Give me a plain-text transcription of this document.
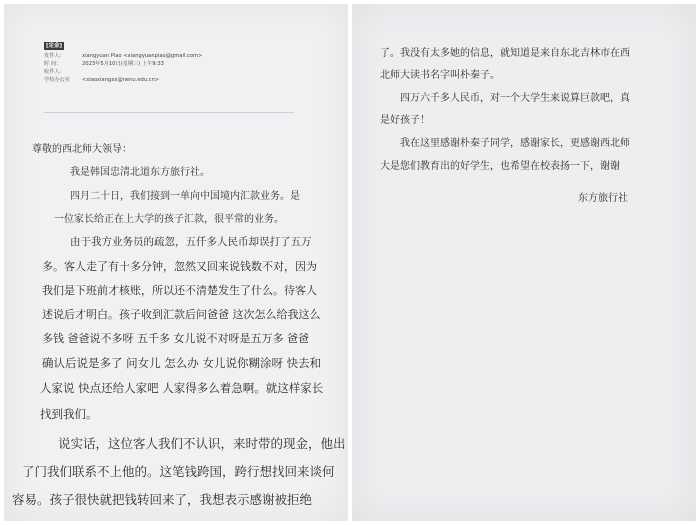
[定金]
发件人：	xiangyuan Piao <xiangyuanpiao@gmail.com>
时 间：	2023年5月10日(星期三) 上午9:33
收件人：
学校办公室	<xiaoxiangxx@nenu.edu.cn>
尊敬的西北师大领导：
我是韩国忠清北道东方旅行社。
四月二十日，我们接到一单向中国境内汇款业务。是
一位家长给正在上大学的孩子汇款，很平常的业务。
由于我方业务员的疏忽，五仟多人民币却误打了五万
多。客人走了有十多分钟，忽然又回来说钱数不对，因为
我们是下班前才核账，所以还不清楚发生了什么。待客人
述说后才明白。孩子收到汇款后问爸爸 这次怎么给我这么
多钱 爸爸说不多呀 五千多 女儿说不对呀是五万多 爸爸
确认后说是多了 问女儿 怎么办 女儿说你糊涂呀 快去和
人家说 快点还给人家吧 人家得多么着急啊。就这样家长
找到我们。
说实话，这位客人我们不认识，来时带的现金，他出
了门我们联系不上他的。这笔钱跨国，跨行想找回来谈何
容易。孩子很快就把钱转回来了，我想表示感谢被拒绝
了。我没有太多她的信息，就知道是来自东北吉林市在西
北师大读书名字叫朴秦子。
四万六千多人民币，对一个大学生来说算巨款吧，真
是好孩子！
我在这里感谢朴秦子同学，感谢家长，更感谢西北师
大是您们教育出的好学生，也希望在校表扬一下，谢谢
东方旅行社
